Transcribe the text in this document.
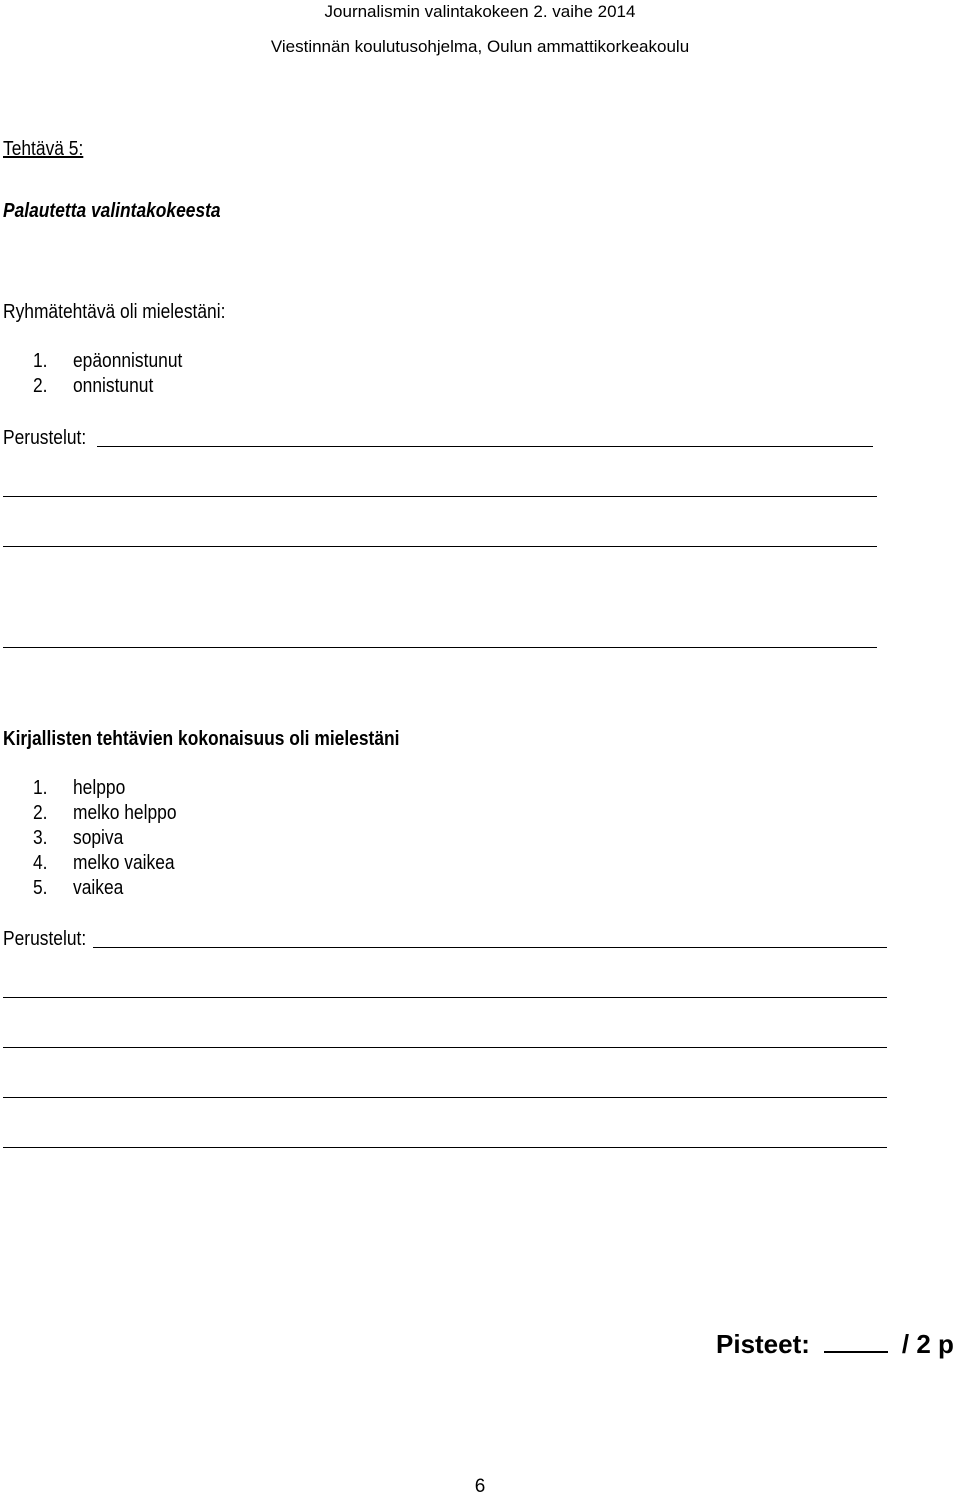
Journalismin valintakokeen 2. vaihe 2014
Viestinnän koulutusohjelma, Oulun ammattikorkeakoulu
Tehtävä 5:
Palautetta valintakokeesta
Ryhmätehtävä oli mielestäni:
1. epäonnistunut
2. onnistunut
Perustelut:
Kirjallisten tehtävien kokonaisuus oli mielestäni
1. helppo
2. melko helppo
3. sopiva
4. melko vaikea
5. vaikea
Perustelut:
Pisteet:	/ 2 p
6
